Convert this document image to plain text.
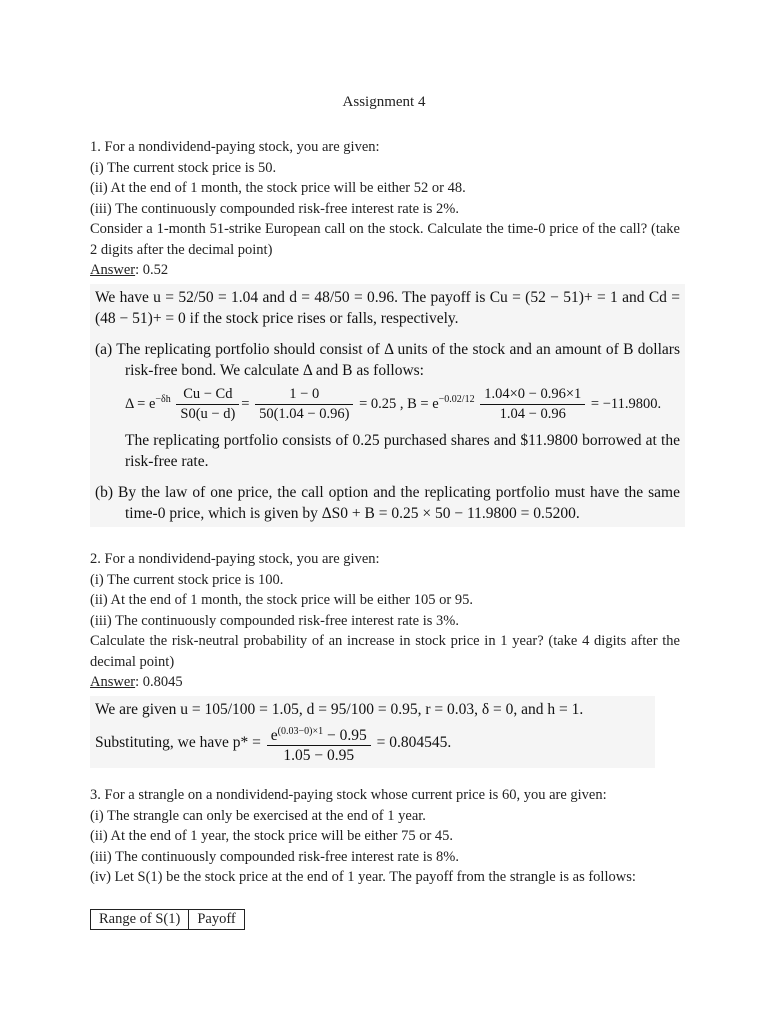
Assignment 4
1. For a nondividend-paying stock, you are given:
(i) The current stock price is 50.
(ii) At the end of 1 month, the stock price will be either 52 or 48.
(iii) The continuously compounded risk-free interest rate is 2%.
Consider a 1-month 51-strike European call on the stock. Calculate the time-0 price of the call? (take 2 digits after the decimal point)
Answer: 0.52

We have u = 52/50 = 1.04 and d = 48/50 = 0.96. The payoff is Cu = (52 − 51)+ = 1 and Cd = (48 − 51)+ = 0 if the stock price rises or falls, respectively.

(a) The replicating portfolio should consist of Δ units of the stock and an amount of B dollars risk-free bond. We calculate Δ and B as follows:

$\Delta = e^{-\delta h} \frac{Cu - Cd}{S0(u - d)} = \frac{1 - 0}{50(1.04 - 0.96)} = 0.25$ , $B = e^{-0.02/12} \frac{1.04\times 0 - 0.96\times 1}{1.04 - 0.96} = -11.9800$.

The replicating portfolio consists of 0.25 purchased shares and $11.9800 borrowed at the risk-free rate.

(b) By the law of one price, the call option and the replicating portfolio must have the same time-0 price, which is given by ΔS0 + B = 0.25 × 50 − 11.9800 = 0.5200.

2. For a nondividend-paying stock, you are given:
(i) The current stock price is 100.
(ii) At the end of 1 month, the stock price will be either 105 or 95.
(iii) The continuously compounded risk-free interest rate is 3%.
Calculate the risk-neutral probability of an increase in stock price in 1 year? (take 4 digits after the decimal point)
Answer: 0.8045

We are given u = 105/100 = 1.05, d = 95/100 = 0.95, r = 0.03, δ = 0, and h = 1.

Substituting, we have $p* = \frac{e^{(0.03-0)\times 1} - 0.95}{1.05 - 0.95} = 0.804545$.

3. For a strangle on a nondividend-paying stock whose current price is 60, you are given:
(i) The strangle can only be exercised at the end of 1 year.
(ii) At the end of 1 year, the stock price will be either 75 or 45.
(iii) The continuously compounded risk-free interest rate is 8%.
(iv) Let S(1) be the stock price at the end of 1 year. The payoff from the strangle is as follows:
Range of S(1)	Payoff
